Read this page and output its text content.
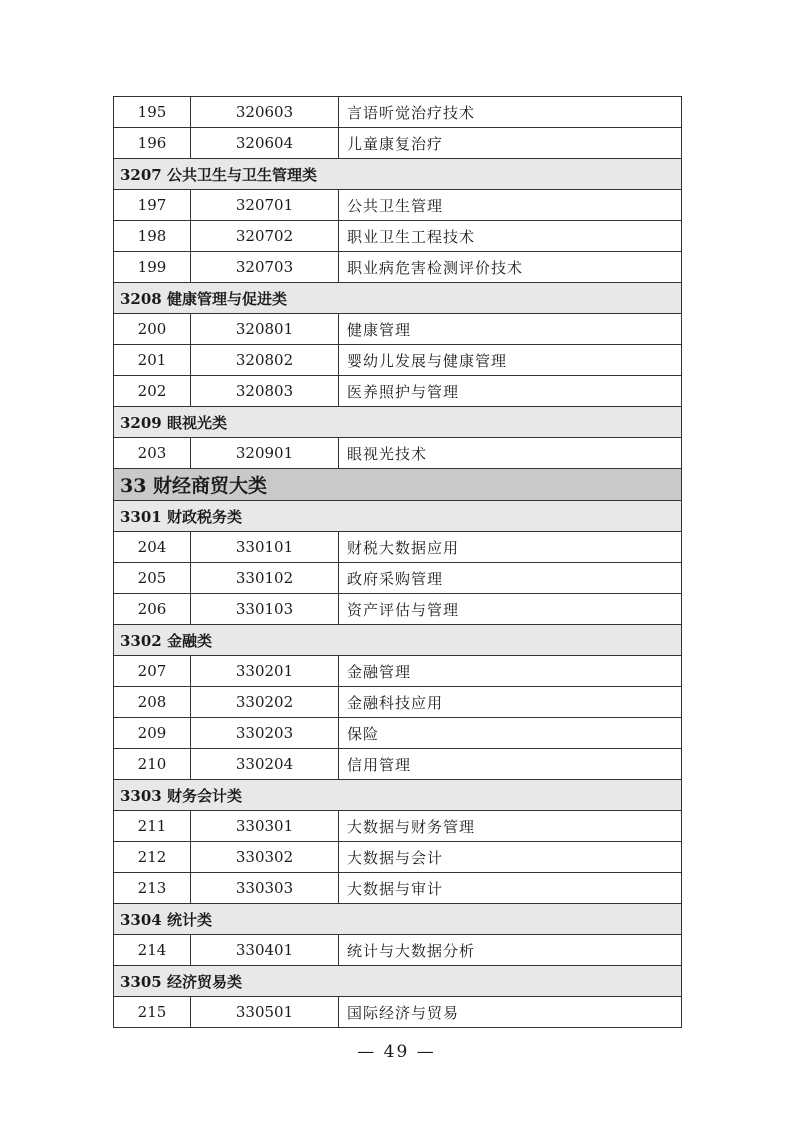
195	320603	言语听觉治疗技术
196	320604	儿童康复治疗
3207 公共卫生与卫生管理类		
197	320701	公共卫生管理
198	320702	职业卫生工程技术
199	320703	职业病危害检测评价技术
3208 健康管理与促进类		
200	320801	健康管理
201	320802	婴幼儿发展与健康管理
202	320803	医养照护与管理
3209 眼视光类		
203	320901	眼视光技术
33 财经商贸大类		
3301 财政税务类		
204	330101	财税大数据应用
205	330102	政府采购管理
206	330103	资产评估与管理
3302 金融类		
207	330201	金融管理
208	330202	金融科技应用
209	330203	保险
210	330204	信用管理
3303 财务会计类		
211	330301	大数据与财务管理
212	330302	大数据与会计
213	330303	大数据与审计
3304 统计类		
214	330401	统计与大数据分析
3305 经济贸易类		
215	330501	国际经济与贸易
— 49 —
